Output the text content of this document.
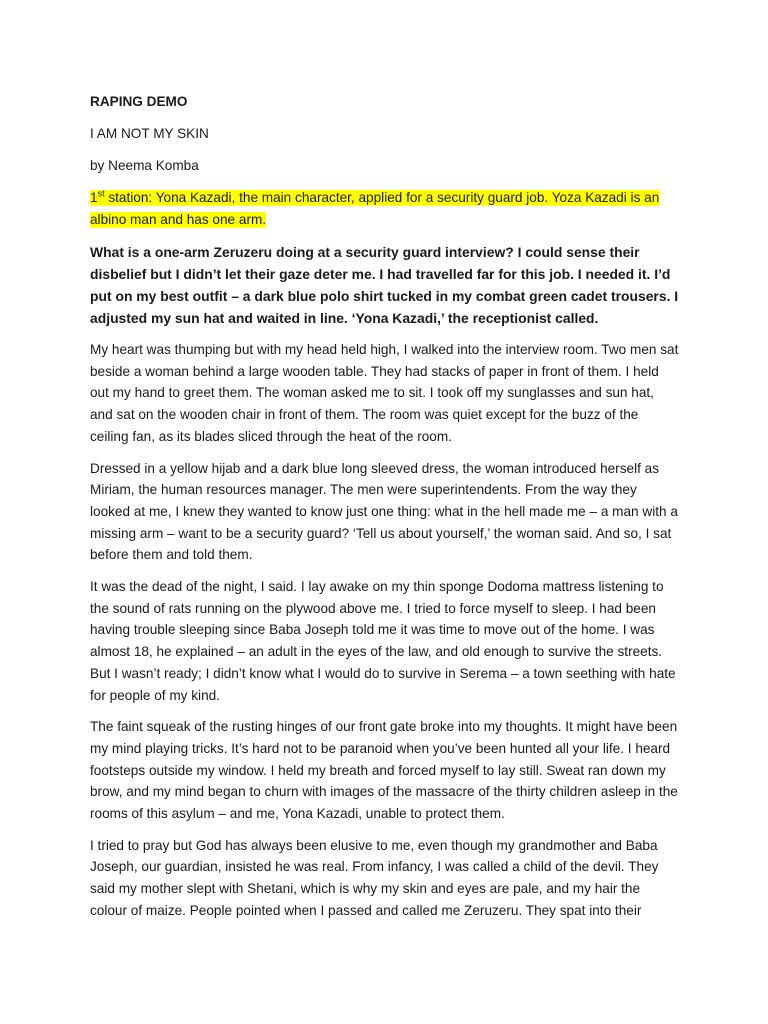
RAPING DEMO

I AM NOT MY SKIN

by Neema Komba

1st station: Yona Kazadi, the main character, applied for a security guard job. Yoza Kazadi is an albino man and has one arm.

What is a one-arm Zeruzeru doing at a security guard interview? I could sense their disbelief but I didn’t let their gaze deter me. I had travelled far for this job. I needed it. I’d put on my best outfit – a dark blue polo shirt tucked in my combat green cadet trousers. I adjusted my sun hat and waited in line. ‘Yona Kazadi,’ the receptionist called.

My heart was thumping but with my head held high, I walked into the interview room. Two men sat beside a woman behind a large wooden table. They had stacks of paper in front of them. I held out my hand to greet them. The woman asked me to sit. I took off my sunglasses and sun hat, and sat on the wooden chair in front of them. The room was quiet except for the buzz of the ceiling fan, as its blades sliced through the heat of the room.

Dressed in a yellow hijab and a dark blue long sleeved dress, the woman introduced herself as Miriam, the human resources manager. The men were superintendents. From the way they looked at me, I knew they wanted to know just one thing: what in the hell made me – a man with a missing arm – want to be a security guard? ‘Tell us about yourself,’ the woman said. And so, I sat before them and told them.

It was the dead of the night, I said. I lay awake on my thin sponge Dodoma mattress listening to the sound of rats running on the plywood above me. I tried to force myself to sleep. I had been having trouble sleeping since Baba Joseph told me it was time to move out of the home. I was almost 18, he explained – an adult in the eyes of the law, and old enough to survive the streets. But I wasn’t ready; I didn’t know what I would do to survive in Serema – a town seething with hate for people of my kind.

The faint squeak of the rusting hinges of our front gate broke into my thoughts. It might have been my mind playing tricks. It’s hard not to be paranoid when you’ve been hunted all your life. I heard footsteps outside my window. I held my breath and forced myself to lay still. Sweat ran down my brow, and my mind began to churn with images of the massacre of the thirty children asleep in the rooms of this asylum – and me, Yona Kazadi, unable to protect them.

I tried to pray but God has always been elusive to me, even though my grandmother and Baba Joseph, our guardian, insisted he was real. From infancy, I was called a child of the devil. They said my mother slept with Shetani, which is why my skin and eyes are pale, and my hair the colour of maize. People pointed when I passed and called me Zeruzeru. They spat into their
